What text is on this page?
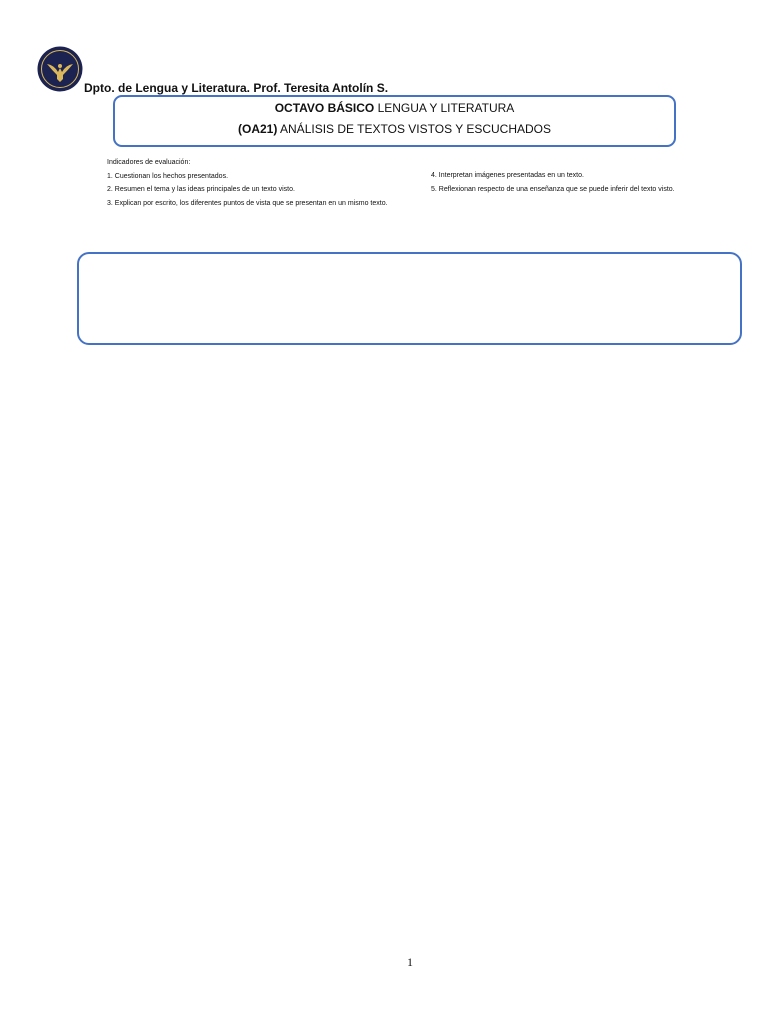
Dpto. de Lengua y Literatura. Prof. Teresita Antolín S.
OCTAVO BÁSICO LENGUA Y LITERATURA
(OA21) ANÁLISIS DE TEXTOS VISTOS Y ESCUCHADOS
Indicadores de evaluación:
1. Cuestionan los hechos presentados.
2. Resumen el tema y las ideas principales de un texto visto.
3. Explican por escrito, los diferentes puntos de vista que se presentan en un mismo texto.
4. Interpretan imágenes presentadas en un texto.
5. Reflexionan respecto de una enseñanza que se puede inferir del texto visto.
1
